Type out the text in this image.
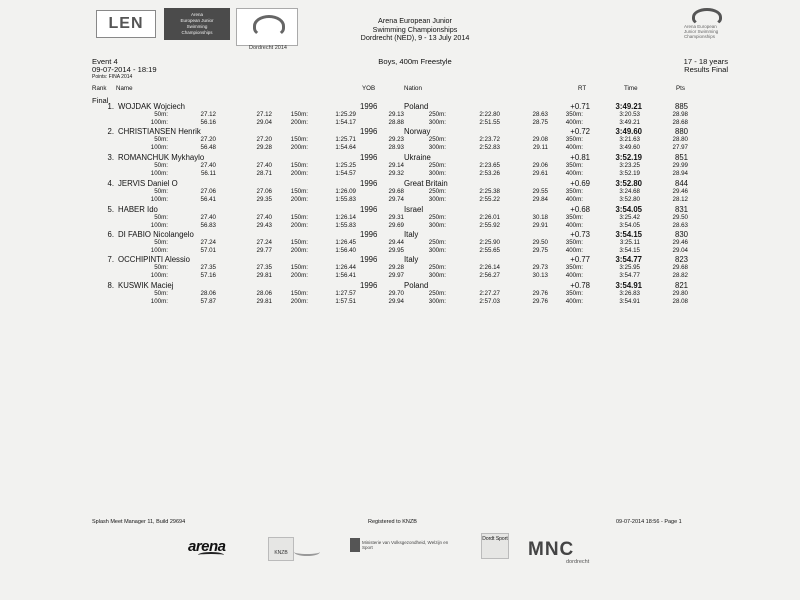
LEN
Arena
European Junior
Swimming
Championships
Dordrecht 2014
Arena European Junior
Swimming Championships
Dordrecht (NED), 9 - 13 July 2014
Arena European
Junior Swimming
Championships
Event 4
09-07-2014 - 18:19
Points: FINA 2014
Boys, 400m Freestyle	17 - 18 years
Results Final
Rank Name	YOB	Nation	RT	Time	Pts
Final
1. WOJDAK Wojciech	1996	Poland	+0.71	3:49.21	885
50m:	27.12	27.12	150m:	1:25.29	29.13	250m:	2:22.80	28.63	350m:	3:20.53	28.98
100m:	56.16	29.04	200m:	1:54.17	28.88	300m:	2:51.55	28.75	400m:	3:49.21	28.68
2. CHRISTIANSEN Henrik	1996	Norway	+0.72	3:49.60	880
50m:	27.20	27.20	150m:	1:25.71	29.23	250m:	2:23.72	29.08	350m:	3:21.63	28.80
100m:	56.48	29.28	200m:	1:54.64	28.93	300m:	2:52.83	29.11	400m:	3:49.60	27.97
3. ROMANCHUK Mykhaylo	1996	Ukraine	+0.81	3:52.19	851
50m:	27.40	27.40	150m:	1:25.25	29.14	250m:	2:23.65	29.06	350m:	3:23.25	29.99
100m:	56.11	28.71	200m:	1:54.57	29.32	300m:	2:53.26	29.61	400m:	3:52.19	28.94
4. JERVIS Daniel O	1996	Great Britain	+0.69	3:52.80	844
50m:	27.06	27.06	150m:	1:26.09	29.68	250m:	2:25.38	29.55	350m:	3:24.68	29.46
100m:	56.41	29.35	200m:	1:55.83	29.74	300m:	2:55.22	29.84	400m:	3:52.80	28.12
5. HABER Ido	1996	Israel	+0.68	3:54.05	831
50m:	27.40	27.40	150m:	1:26.14	29.31	250m:	2:26.01	30.18	350m:	3:25.42	29.50
100m:	56.83	29.43	200m:	1:55.83	29.69	300m:	2:55.92	29.91	400m:	3:54.05	28.63
6. DI FABIO Nicolangelo	1996	Italy	+0.73	3:54.15	830
50m:	27.24	27.24	150m:	1:26.45	29.44	250m:	2:25.90	29.50	350m:	3:25.11	29.46
100m:	57.01	29.77	200m:	1:56.40	29.95	300m:	2:55.65	29.75	400m:	3:54.15	29.04
7. OCCHIPINTI Alessio	1996	Italy	+0.77	3:54.77	823
50m:	27.35	27.35	150m:	1:26.44	29.28	250m:	2:26.14	29.73	350m:	3:25.95	29.68
100m:	57.16	29.81	200m:	1:56.41	29.97	300m:	2:56.27	30.13	400m:	3:54.77	28.82
8. KUSWIK Maciej	1996	Poland	+0.78	3:54.91	821
50m:	28.06	28.06	150m:	1:27.57	29.70	250m:	2:27.27	29.76	350m:	3:26.83	29.80
100m:	57.87	29.81	200m:	1:57.51	29.94	300m:	2:57.03	29.76	400m:	3:54.91	28.08
Splash Meet Manager 11, Build 29694	Registered to KNZB	09-07-2014 18:56 - Page 1
arena	KNZB
Ministerie van Volksgezondheid, Welzijn en Sport
Dordt Sport MNC
dordrecht
